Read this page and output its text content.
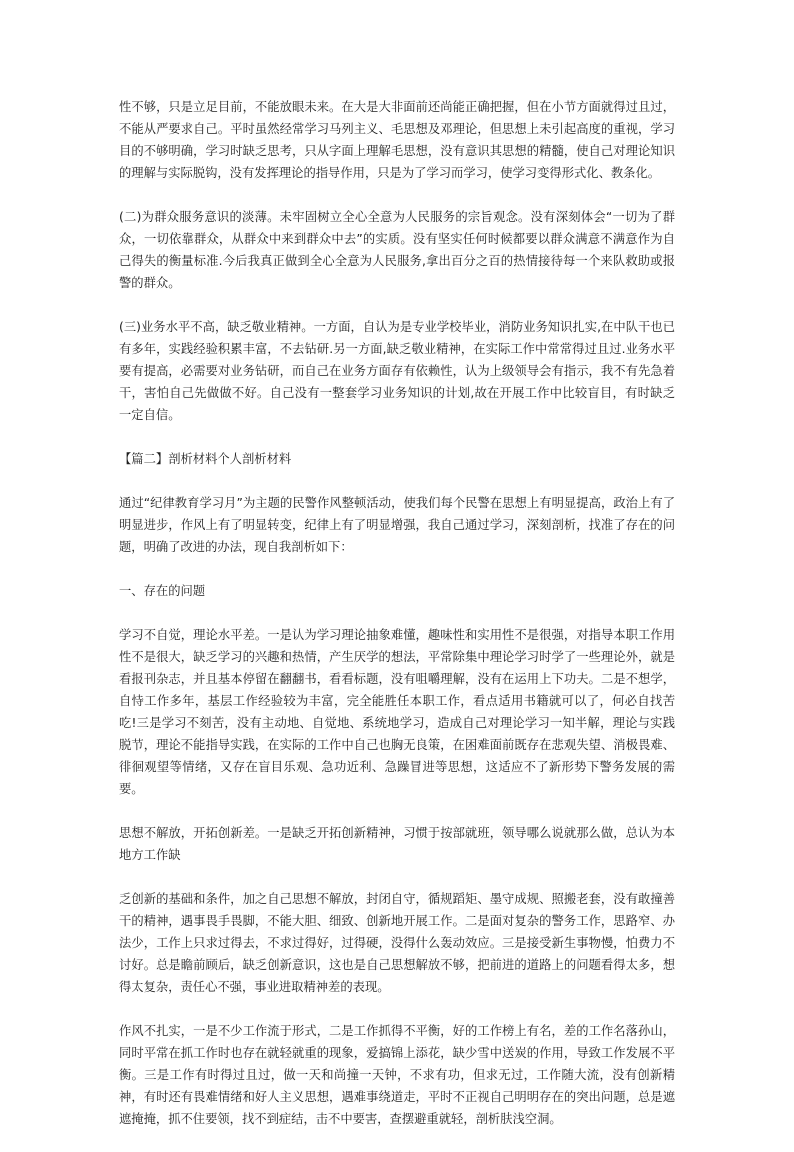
性不够，只是立足目前，不能放眼未来。在大是大非面前还尚能正确把握，但在小节方面就得过且过，不能从严要求自己。平时虽然经常学习马列主义、毛思想及邓理论，但思想上未引起高度的重视，学习目的不够明确，学习时缺乏思考，只从字面上理解毛思想，没有意识其思想的精髓，使自己对理论知识的理解与实际脱钩，没有发挥理论的指导作用，只是为了学习而学习，使学习变得形式化、教条化。

(二)为群众服务意识的淡薄。未牢固树立全心全意为人民服务的宗旨观念。没有深刻体会“一切为了群众，一切依靠群众，从群众中来到群众中去”的实质。没有坚实任何时候都要以群众满意不满意作为自己得失的衡量标准.今后我真正做到全心全意为人民服务,拿出百分之百的热情接待每一个来队救助或报警的群众。

(三)业务水平不高，缺乏敬业精神。一方面，自认为是专业学校毕业，消防业务知识扎实,在中队干也已有多年，实践经验积累丰富，不去钻研.另一方面,缺乏敬业精神，在实际工作中常常得过且过.业务水平要有提高，必需要对业务钻研，而自己在业务方面存有依赖性，认为上级领导会有指示，我不有先急着干，害怕自己先做做不好。自己没有一整套学习业务知识的计划,故在开展工作中比较盲目，有时缺乏一定自信。

【篇二】剖析材料个人剖析材料

通过“纪律教育学习月”为主题的民警作风整顿活动，使我们每个民警在思想上有明显提高，政治上有了明显进步，作风上有了明显转变，纪律上有了明显增强，我自己通过学习，深刻剖析，找准了存在的问题，明确了改进的办法，现自我剖析如下：

一、存在的问题

学习不自觉，理论水平差。一是认为学习理论抽象难懂，趣味性和实用性不是很强，对指导本职工作用性不是很大，缺乏学习的兴趣和热情，产生厌学的想法，平常除集中理论学习时学了一些理论外，就是看报刊杂志，并且基本停留在翻翻书，看看标题，没有咀嚼理解，没有在运用上下功夫。二是不想学，自恃工作多年，基层工作经验较为丰富，完全能胜任本职工作，看点适用书籍就可以了，何必自找苦吃!三是学习不刻苦，没有主动地、自觉地、系统地学习，造成自己对理论学习一知半解，理论与实践脱节，理论不能指导实践，在实际的工作中自己也胸无良策，在困难面前既存在悲观失望、消极畏难、徘徊观望等情绪，又存在盲目乐观、急功近利、急躁冒进等思想，这适应不了新形势下警务发展的需要。

思想不解放，开拓创新差。一是缺乏开拓创新精神，习惯于按部就班，领导哪么说就那么做，总认为本地方工作缺

乏创新的基础和条件，加之自己思想不解放，封闭自守，循规蹈矩、墨守成规、照搬老套，没有敢撞善干的精神，遇事畏手畏脚，不能大胆、细致、创新地开展工作。二是面对复杂的警务工作，思路窄、办法少，工作上只求过得去，不求过得好，过得硬，没得什么轰动效应。三是接受新生事物慢，怕费力不讨好。总是瞻前顾后，缺乏创新意识，这也是自己思想解放不够，把前进的道路上的问题看得太多，想得太复杂，责任心不强，事业进取精神差的表现。

作风不扎实，一是不少工作流于形式，二是工作抓得不平衡，好的工作榜上有名，差的工作名落孙山，同时平常在抓工作时也存在就轻就重的现象，爱搞锦上添花，缺少雪中送炭的作用，导致工作发展不平衡。三是工作有时得过且过，做一天和尚撞一天钟，不求有功，但求无过，工作随大流，没有创新精神，有时还有畏难情绪和好人主义思想，遇难事绕道走，平时不正视自己明明存在的突出问题，总是遮遮掩掩，抓不住要领，找不到症结，击不中要害，查摆避重就轻，剖析肤浅空洞。
